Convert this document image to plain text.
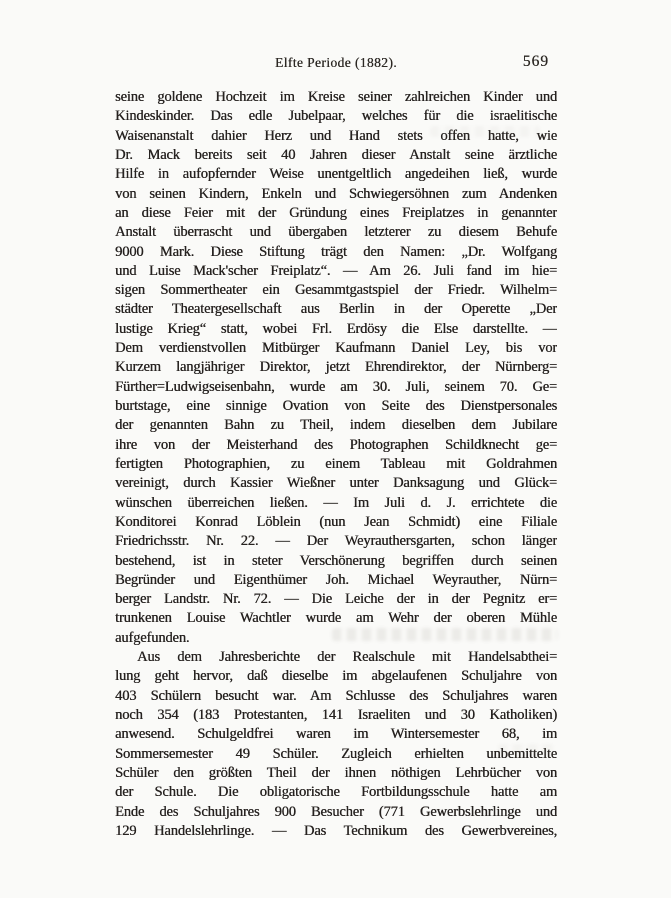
Elfte Periode (1882).	569
seine goldene Hochzeit im Kreise seiner zahlreichen Kinder und
Kindeskinder. Das edle Jubelpaar, welches für die israelitische
Waisenanstalt dahier Herz und Hand stets offen hatte, wie
Dr. Mack bereits seit 40 Jahren dieser Anstalt seine ärztliche
Hilfe in aufopfernder Weise unentgeltlich angedeihen ließ, wurde
von seinen Kindern, Enkeln und Schwiegersöhnen zum Andenken
an diese Feier mit der Gründung eines Freiplatzes in genannter
Anstalt überrascht und übergaben letzterer zu diesem Behufe
9000 Mark. Diese Stiftung trägt den Namen: „Dr. Wolfgang
und Luise Mack'scher Freiplatz“. — Am 26. Juli fand im hie=
sigen Sommertheater ein Gesammtgastspiel der Friedr. Wilhelm=
städter Theatergesellschaft aus Berlin in der Operette „Der
lustige Krieg“ statt, wobei Frl. Erdösy die Else darstellte. —
Dem verdienstvollen Mitbürger Kaufmann Daniel Ley, bis vor
Kurzem langjähriger Direktor, jetzt Ehrendirektor, der Nürnberg=
Fürther=Ludwigseisenbahn, wurde am 30. Juli, seinem 70. Ge=
burtstage, eine sinnige Ovation von Seite des Dienstpersonales
der genannten Bahn zu Theil, indem dieselben dem Jubilare
ihre von der Meisterhand des Photographen Schildknecht ge=
fertigten Photographien, zu einem Tableau mit Goldrahmen
vereinigt, durch Kassier Wießner unter Danksagung und Glück=
wünschen überreichen ließen. — Im Juli d. J. errichtete die
Konditorei Konrad Löblein (nun Jean Schmidt) eine Filiale
Friedrichsstr. Nr. 22. — Der Weyrauthersgarten, schon länger
bestehend, ist in steter Verschönerung begriffen durch seinen
Begründer und Eigenthümer Joh. Michael Weyrauther, Nürn=
berger Landstr. Nr. 72. — Die Leiche der in der Pegnitz er=
trunkenen Louise Wachtler wurde am Wehr der oberen Mühle
aufgefunden.
Aus dem Jahresberichte der Realschule mit Handelsabthei=
lung geht hervor, daß dieselbe im abgelaufenen Schuljahre von
403 Schülern besucht war. Am Schlusse des Schuljahres waren
noch 354 (183 Protestanten, 141 Israeliten und 30 Katholiken)
anwesend. Schulgeldfrei waren im Wintersemester 68, im
Sommersemester 49 Schüler. Zugleich erhielten unbemittelte
Schüler den größten Theil der ihnen nöthigen Lehrbücher von
der Schule. Die obligatorische Fortbildungsschule hatte am
Ende des Schuljahres 900 Besucher (771 Gewerbslehrlinge und
129 Handelslehrlinge. — Das Technikum des Gewerbvereines,
